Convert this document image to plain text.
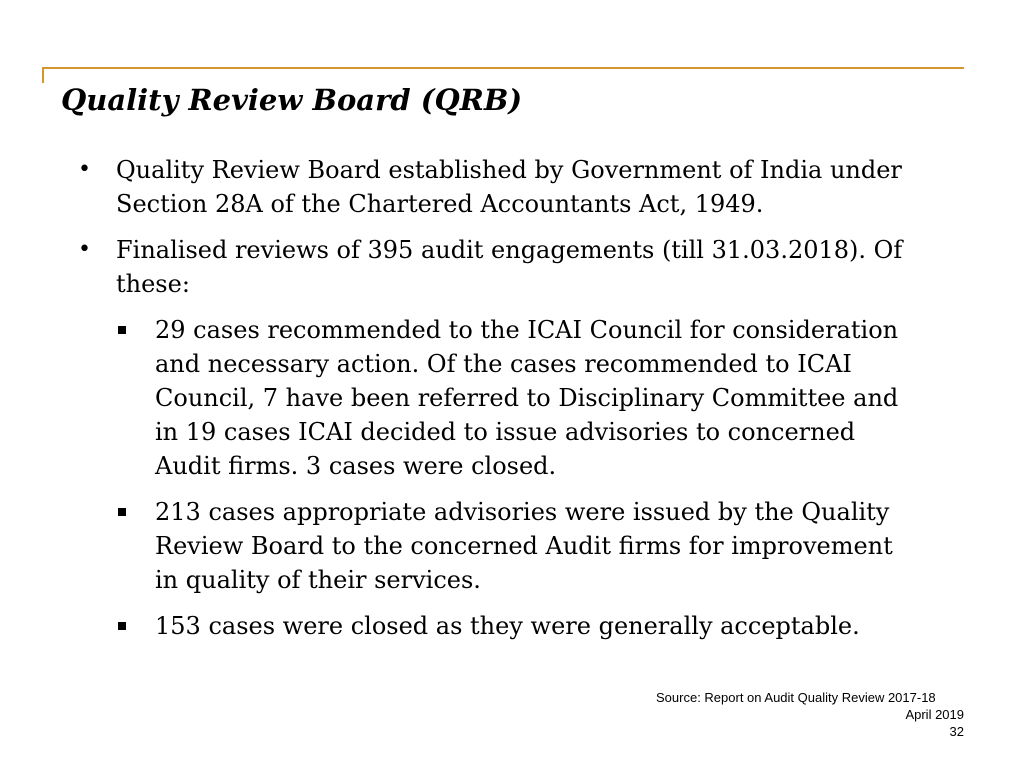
Quality Review Board (QRB)
• Quality Review Board established by Government of India under Section 28A of the Chartered Accountants Act, 1949.
• Finalised reviews of 395 audit engagements (till 31.03.2018). Of these:
29 cases recommended to the ICAI Council for consideration and necessary action. Of the cases recommended to ICAI Council, 7 have been referred to Disciplinary Committee and in 19 cases ICAI decided to issue advisories to concerned Audit firms. 3 cases were closed.
213 cases appropriate advisories were issued by the Quality Review Board to the concerned Audit firms for improvement in quality of their services.
153 cases were closed as they were generally acceptable.
Source: Report on Audit Quality Review 2017-18
April 2019
32
